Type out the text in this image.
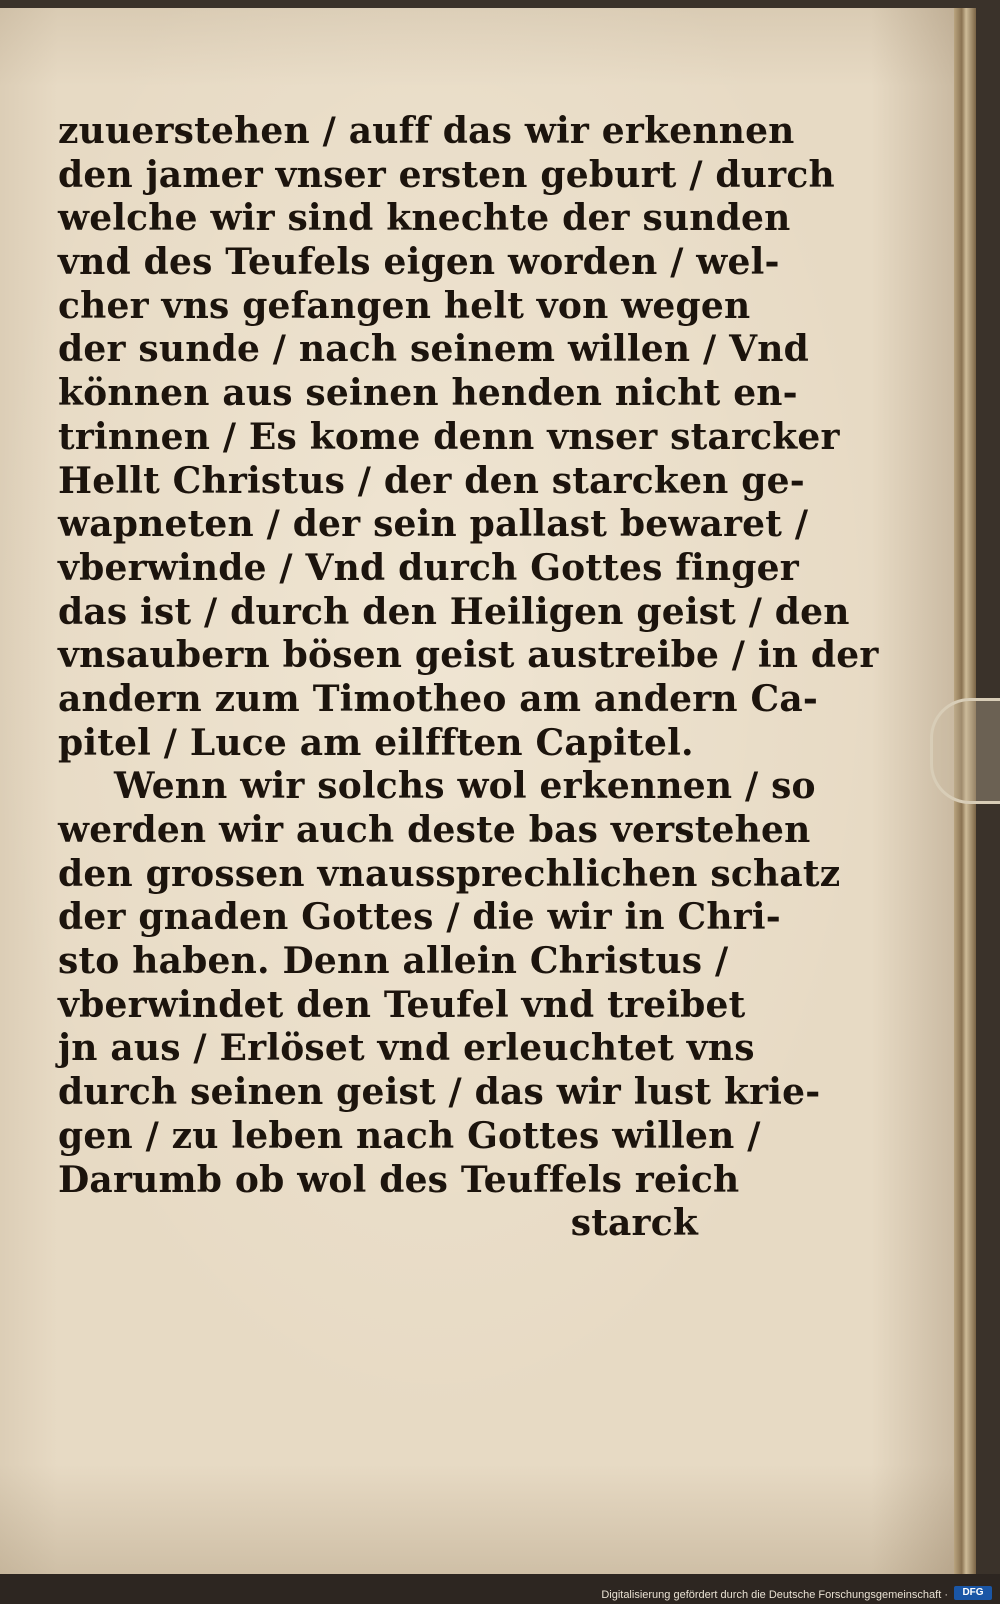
zuuerstehen / auff das wir erkennen
den jamer vnser ersten geburt / durch
welche wir sind knechte der sunden
vnd des Teufels eigen worden / wel-
cher vns gefangen helt von wegen
der sunde / nach seinem willen / Vnd
können aus seinen henden nicht en-
trinnen / Es kome denn vnser starcker
Hellt Christus / der den starcken ge-
wapneten / der sein pallast bewaret /
vberwinde / Vnd durch Gottes finger
das ist / durch den Heiligen geist / den
vnsaubern bösen geist austreibe / in der
andern zum Timotheo am andern Ca-
pitel / Luce am eilfften Capitel.
Wenn wir solchs wol erkennen / so
werden wir auch deste bas verstehen
den grossen vnaussprechlichen schatz
der gnaden Gottes / die wir in Chri-
sto haben. Denn allein Christus /
vberwindet den Teufel vnd treibet
jn aus / Erlöset vnd erleuchtet vns
durch seinen geist / das wir lust krie-
gen / zu leben nach Gottes willen /
Darumb ob wol des Teuffels reich
starck
Digitalisierung gefördert durch die Deutsche Forschungsgemeinschaft ·	DFG
